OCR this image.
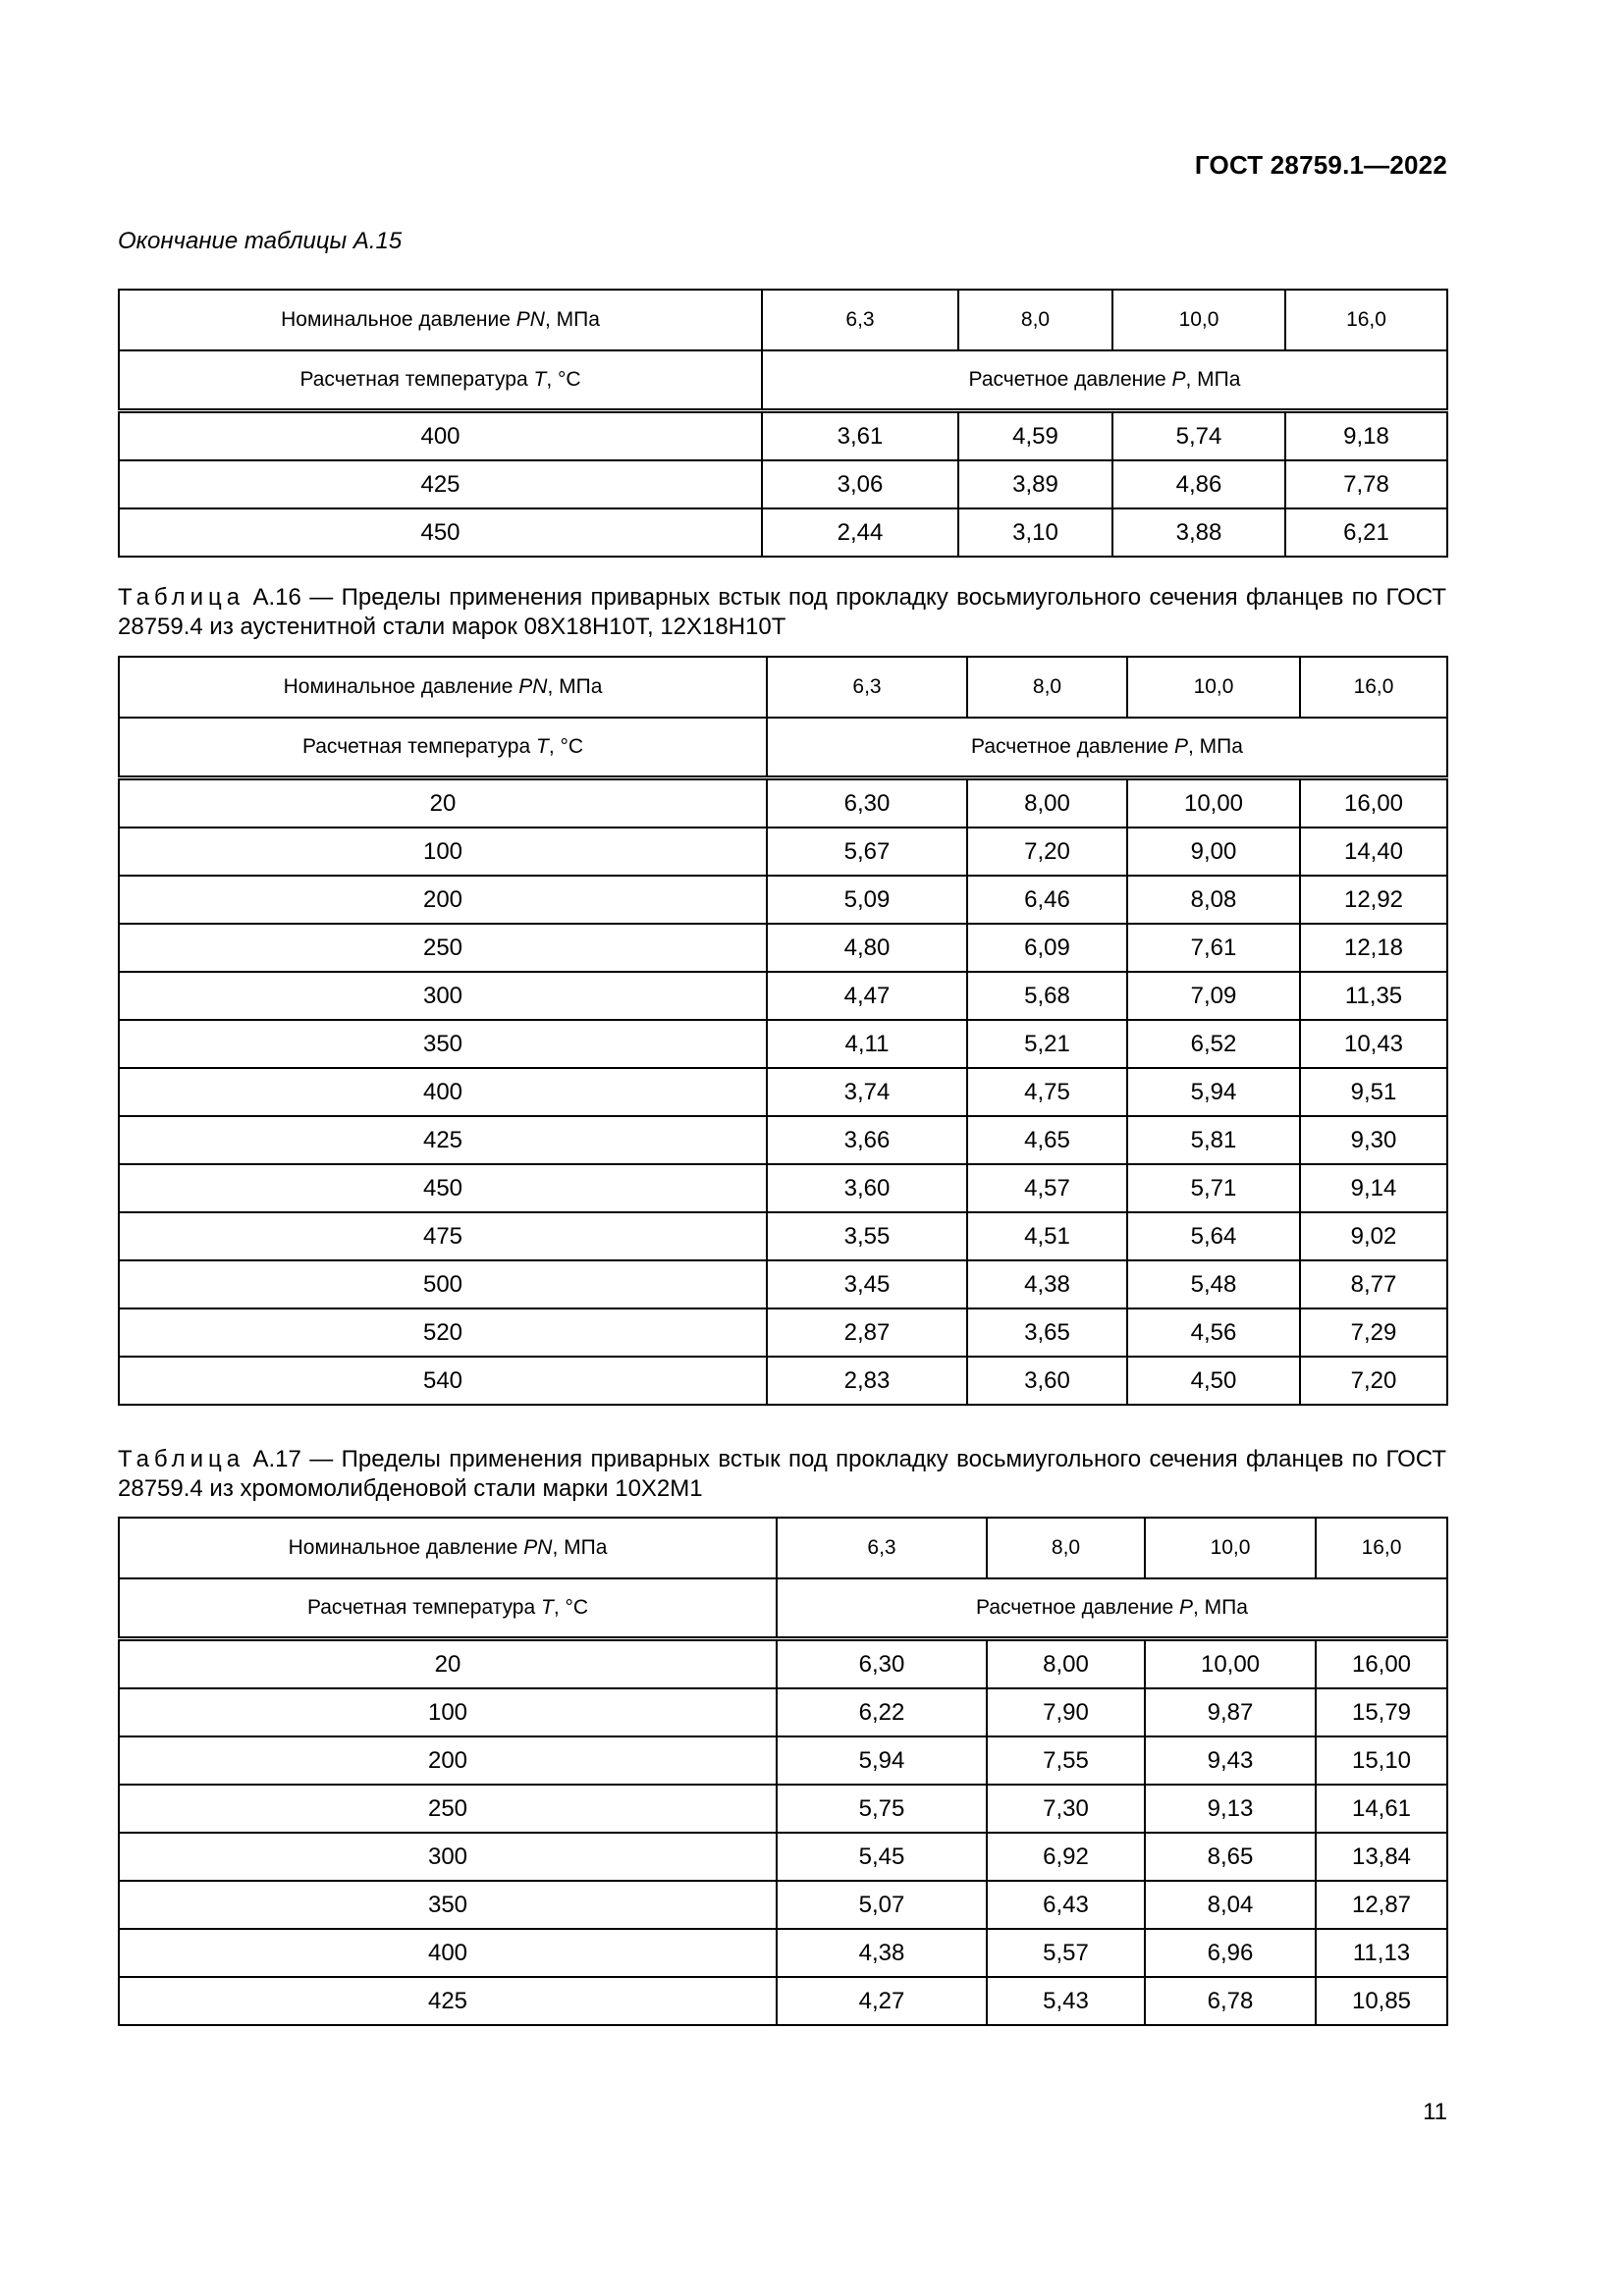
ГОСТ 28759.1—2022
Окончание таблицы А.15
Номинальное давление PN, МПа	6,3	8,0	10,0	16,0
Расчетная температура T, °С	Расчетное давление P, МПа			
400	3,61	4,59	5,74	9,18
425	3,06	3,89	4,86	7,78
450	2,44	3,10	3,88	6,21
Таблица А.16 — Пределы применения приварных встык под прокладку восьмиугольного сечения фланцев по ГОСТ 28759.4 из аустенитной стали марок 08Х18Н10Т, 12Х18Н10Т
Номинальное давление PN, МПа	6,3	8,0	10,0	16,0
Расчетная температура T, °С	Расчетное давление P, МПа			
20	6,30	8,00	10,00	16,00
100	5,67	7,20	9,00	14,40
200	5,09	6,46	8,08	12,92
250	4,80	6,09	7,61	12,18
300	4,47	5,68	7,09	11,35
350	4,11	5,21	6,52	10,43
400	3,74	4,75	5,94	9,51
425	3,66	4,65	5,81	9,30
450	3,60	4,57	5,71	9,14
475	3,55	4,51	5,64	9,02
500	3,45	4,38	5,48	8,77
520	2,87	3,65	4,56	7,29
540	2,83	3,60	4,50	7,20
Таблица А.17 — Пределы применения приварных встык под прокладку восьмиугольного сечения фланцев по ГОСТ 28759.4 из хромомолибденовой стали марки 10Х2М1
Номинальное давление PN, МПа	6,3	8,0	10,0	16,0
Расчетная температура T, °С	Расчетное давление P, МПа			
20	6,30	8,00	10,00	16,00
100	6,22	7,90	9,87	15,79
200	5,94	7,55	9,43	15,10
250	5,75	7,30	9,13	14,61
300	5,45	6,92	8,65	13,84
350	5,07	6,43	8,04	12,87
400	4,38	5,57	6,96	11,13
425	4,27	5,43	6,78	10,85
11
